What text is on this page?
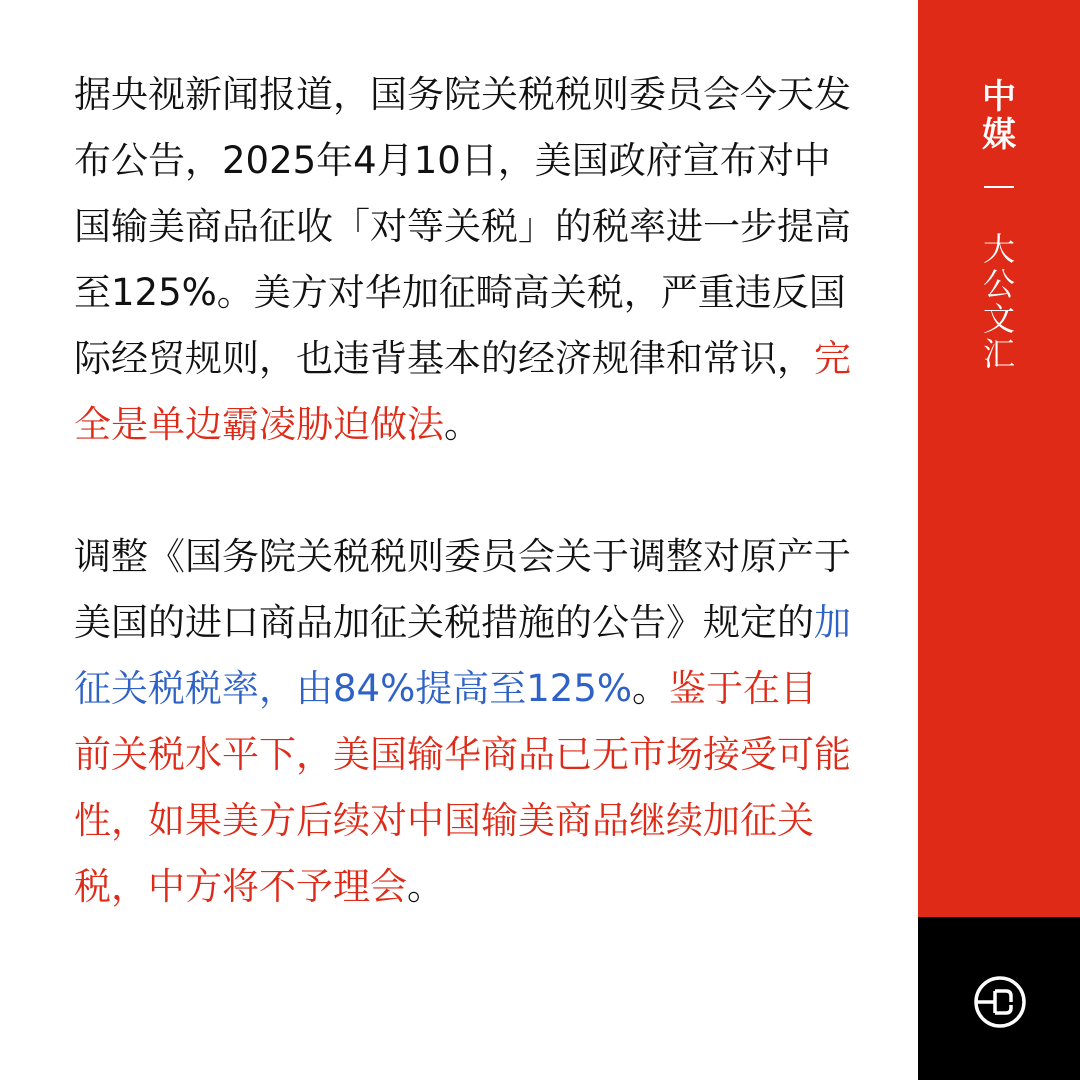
据央视新闻报道，国务院关税税则委员会今天发布公告，2025年4月10日，美国政府宣布对中国输美商品征收「对等关税」的税率进一步提高至125%。美方对华加征畸高关税，严重违反国际经贸规则，也违背基本的经济规律和常识，完全是单边霸凌胁迫做法。

调整《国务院关税税则委员会关于调整对原产于美国的进口商品加征关税措施的公告》规定的加征关税税率，由84%提高至125%。鉴于在目前关税水平下，美国输华商品已无市场接受可能性，如果美方后续对中国输美商品继续加征关税，中方将不予理会。

中
媒
大
公
文
汇
